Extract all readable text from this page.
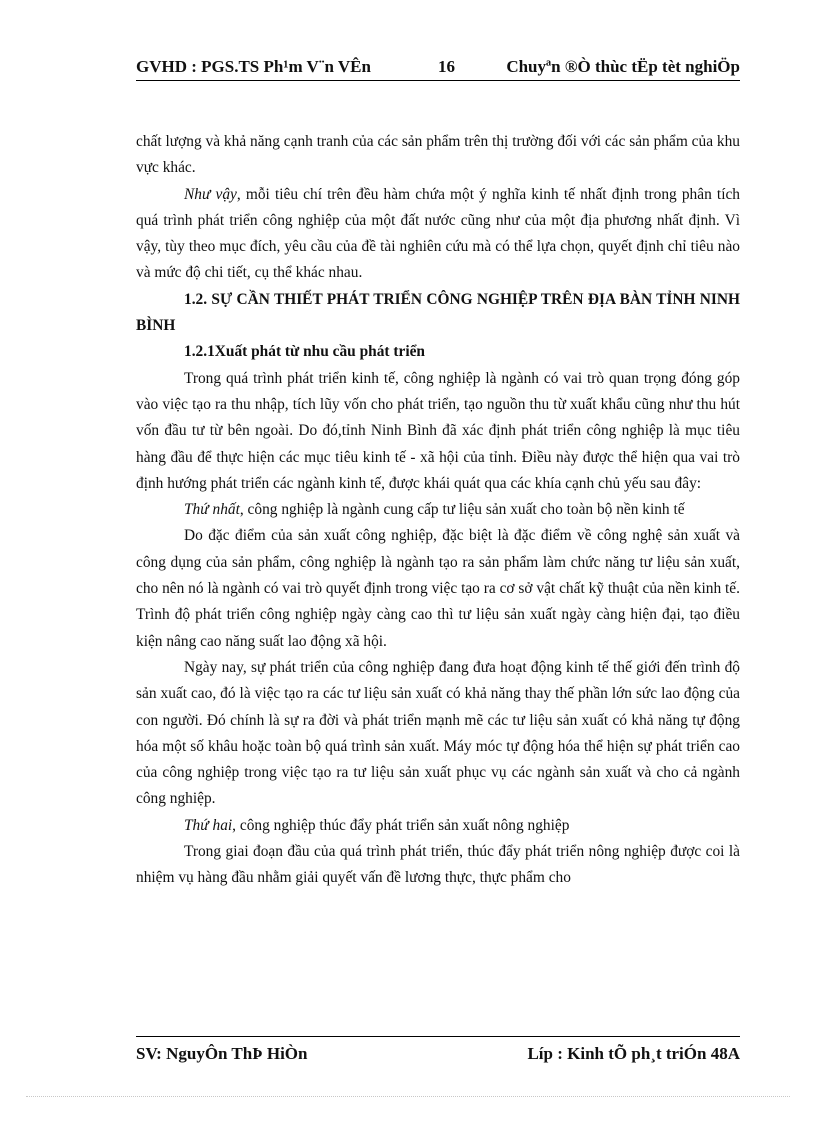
GVHD : PGS.TS Ph¹m V¨n VÊn	16	Chuyªn ®Ò thùc tËp tèt nghiÖp

chất lượng và khả năng cạnh tranh của các sản phẩm trên thị trường đối với các sản phẩm của khu vực khác.

Như vậy, mỗi tiêu chí trên đều hàm chứa một ý nghĩa kinh tế nhất định trong phân tích quá trình phát triển công nghiệp của một đất nước cũng như của một địa phương nhất định. Vì vậy, tùy theo mục đích, yêu cầu của đề tài nghiên cứu mà có thể lựa chọn, quyết định chỉ tiêu nào và mức độ chi tiết, cụ thể khác nhau.

1.2. SỰ CẦN THIẾT PHÁT TRIỂN CÔNG NGHIỆP TRÊN ĐỊA BÀN TỈNH NINH BÌNH

1.2.1Xuất phát từ nhu cầu phát triển

Trong quá trình phát triển kinh tế, công nghiệp là ngành có vai trò quan trọng đóng góp vào việc tạo ra thu nhập, tích lũy vốn cho phát triển, tạo nguồn thu từ xuất khẩu cũng như thu hút vốn đầu tư từ bên ngoài. Do đó,tỉnh Ninh Bình đã xác định phát triển công nghiệp là mục tiêu hàng đầu để thực hiện các mục tiêu kinh tế - xã hội của tỉnh. Điều này được thể hiện qua vai trò định hướng phát triển các ngành kinh tế, được khái quát qua các khía cạnh chủ yếu sau đây:

Thứ nhất, công nghiệp là ngành cung cấp tư liệu sản xuất cho toàn bộ nền kinh tế

Do đặc điểm của sản xuất công nghiệp, đặc biệt là đặc điểm về công nghệ sản xuất và công dụng của sản phẩm, công nghiệp là ngành tạo ra sản phẩm làm chức năng tư liệu sản xuất, cho nên nó là ngành có vai trò quyết định trong việc tạo ra cơ sở vật chất kỹ thuật của nền kinh tế. Trình độ phát triển công nghiệp ngày càng cao thì tư liệu sản xuất ngày càng hiện đại, tạo điều kiện nâng cao năng suất lao động xã hội.

Ngày nay, sự phát triển của công nghiệp đang đưa hoạt động kinh tế thế giới đến trình độ sản xuất cao, đó là việc tạo ra các tư liệu sản xuất có khả năng thay thế phần lớn sức lao động của con người. Đó chính là sự ra đời và phát triển mạnh mẽ các tư liệu sản xuất có khả năng tự động hóa một số khâu hoặc toàn bộ quá trình sản xuất. Máy móc tự động hóa thể hiện sự phát triển cao của công nghiệp trong việc tạo ra tư liệu sản xuất phục vụ các ngành sản xuất và cho cả ngành công nghiệp.

Thứ hai, công nghiệp thúc đẩy phát triển sản xuất nông nghiệp

Trong giai đoạn đầu của quá trình phát triển, thúc đẩy phát triển nông nghiệp được coi là nhiệm vụ hàng đầu nhằm giải quyết vấn đề lương thực, thực phẩm cho

SV: NguyÔn ThÞ HiÒn	Líp : Kinh tÕ ph¸t triÓn 48A
